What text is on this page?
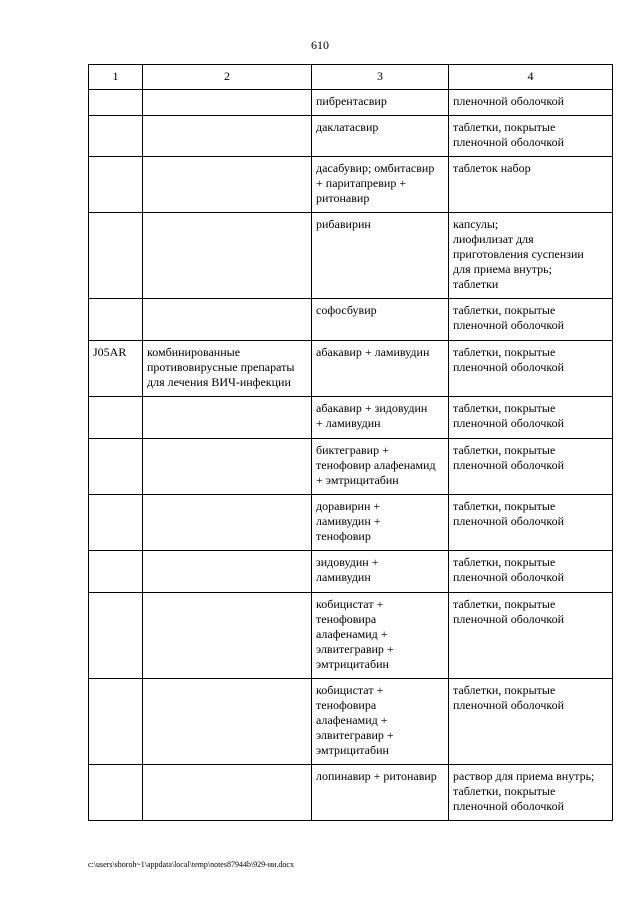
610
1	2	3	4

		пибрентасвир	пленочной оболочкой

		даклатасвир	таблетки, покрытые
пленочной оболочкой

		дасабувир; омбитасвир
+ паритапревир +
ритонавир	таблеток набор

		рибавирин	капсулы;
лиофилизат для
приготовления суспензии
для приема внутрь;
таблетки

		софосбувир	таблетки, покрытые
пленочной оболочкой

J05AR	комбинированные
противовирусные препараты
для лечения ВИЧ-инфекции	абакавир + ламивудин	таблетки, покрытые
пленочной оболочкой

		абакавир + зидовудин
+ ламивудин	таблетки, покрытые
пленочной оболочкой

		биктегравир +
тенофовир алафенамид
+ эмтрицитабин	таблетки, покрытые
пленочной оболочкой

		доравирин +
ламивудин +
тенофовир	таблетки, покрытые
пленочной оболочкой

		зидовудин +
ламивудин	таблетки, покрытые
пленочной оболочкой

		кобицистат +
тенофовира
алафенамид +
элвитегравир +
эмтрицитабин	таблетки, покрытые
пленочной оболочкой

		кобицистат +
тенофовира
алафенамид +
элвитегравир +
эмтрицитабин	таблетки, покрытые
пленочной оболочкой

		лопинавир + ритонавир	раствор для приема внутрь;
таблетки, покрытые
пленочной оболочкой
c:\users\shoroh~1\appdata\local\temp\notes87944b\929-ии.docx
